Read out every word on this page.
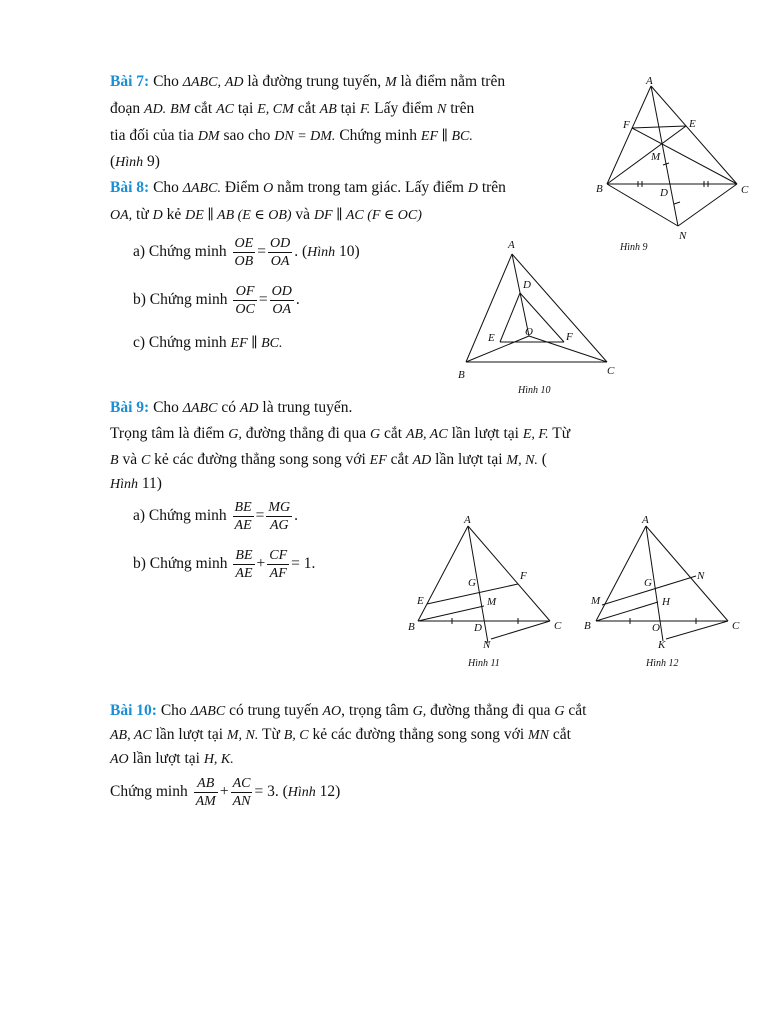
Bài 7: Cho ΔABC, AD là đường trung tuyến, M là điểm nằm trên
đoạn AD. BM cắt AC tại E, CM cắt AB tại F. Lấy điểm N trên
tia đối của tia DM sao cho DN = DM. Chứng minh EF ∥ BC.
(Hình 9)
Bài 8: Cho ΔABC. Điểm O nằm trong tam giác. Lấy điểm D trên
OA, từ D kẻ DE ∥ AB (E ∈ OB) và DF ∥ AC (F ∈ OC)
a) Chứng minh $\frac{OE}{OB} = \frac{OD}{OA}$ . (Hình 10)
b) Chứng minh $\frac{OF}{OC} = \frac{OD}{OA}$ .
c) Chứng minh EF ∥ BC.
Bài 9: Cho ΔABC có AD là trung tuyến.
Trọng tâm là điểm G, đường thẳng đi qua G cắt AB, AC lần lượt tại E, F. Từ
B và C kẻ các đường thẳng song song với EF cắt AD lần lượt tại M, N. (
Hình 11)
a) Chứng minh $\frac{BE}{AE} = \frac{MG}{AG}$ .
b) Chứng minh $\frac{BE}{AE} + \frac{CF}{AF} = 1$.
Bài 10: Cho ΔABC có trung tuyến AO, trọng tâm G, đường thẳng đi qua G cắt
AB, AC lần lượt tại M, N. Từ B, C kẻ các đường thẳng song song với MN cắt
AO lần lượt tại H, K.
Chứng minh $\frac{AB}{AM} + \frac{AC}{AN} = 3$. (Hình 12)
A
F	E
M
B	D	C
N
Hình 9
A
D
E	O	F
B	C
Hình 10
A
G
F
E	M
B	D	C
N
Hình 11
A
G
N
M	H
B	O	C
K
Hình 12
